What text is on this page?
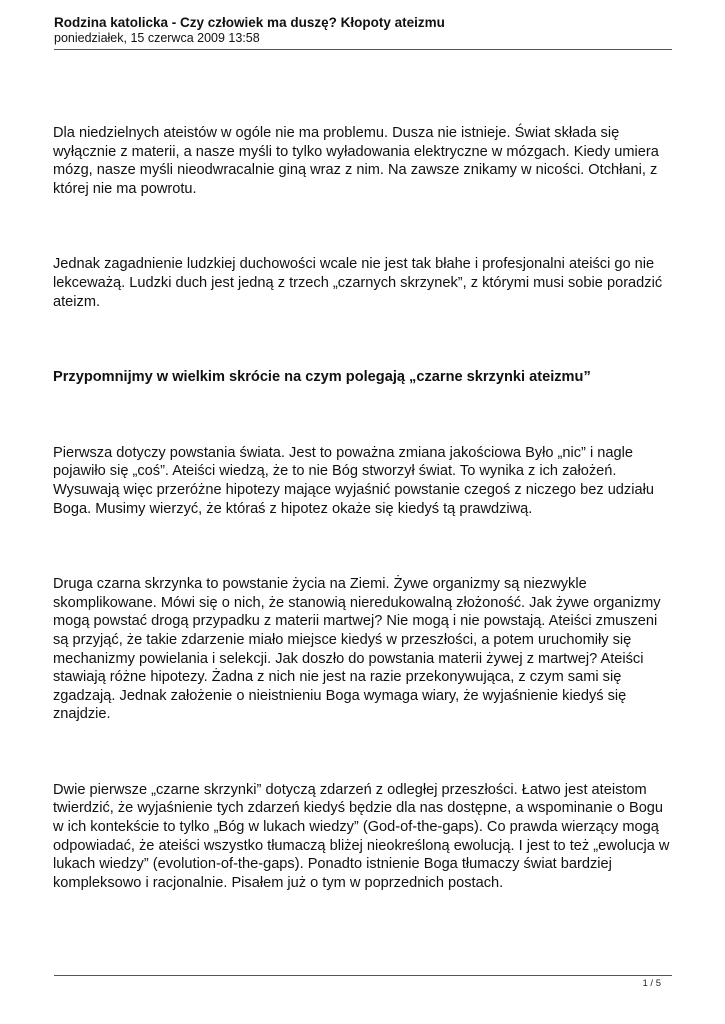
Rodzina katolicka - Czy człowiek ma duszę? Kłopoty ateizmu
poniedziałek, 15 czerwca 2009 13:58

Dla niedzielnych ateistów w ogóle nie ma problemu. Dusza nie istnieje. Świat składa się wyłącznie z materii, a nasze myśli to tylko wyładowania elektryczne w mózgach. Kiedy umiera mózg, nasze myśli nieodwracalnie giną wraz z nim. Na zawsze znikamy w nicości. Otchłani, z której nie ma powrotu.

Jednak zagadnienie ludzkiej duchowości wcale nie jest tak błahe i profesjonalni ateiści go nie lekceważą. Ludzki duch jest jedną z trzech „czarnych skrzynek”, z którymi musi sobie poradzić ateizm.

Przypomnijmy w wielkim skrócie na czym polegają „czarne skrzynki ateizmu”

Pierwsza dotyczy powstania świata. Jest to poważna zmiana jakościowa Było „nic” i nagle pojawiło się „coś”. Ateiści wiedzą, że to nie Bóg stworzył świat. To wynika z ich założeń. Wysuwają więc przeróżne hipotezy mające wyjaśnić powstanie czegoś z niczego bez udziału Boga. Musimy wierzyć, że któraś z hipotez okaże się kiedyś tą prawdziwą.

Druga czarna skrzynka to powstanie życia na Ziemi. Żywe organizmy są niezwykle skomplikowane. Mówi się o nich, że stanowią nieredukowalną złożoność. Jak żywe organizmy mogą powstać drogą przypadku z materii martwej? Nie mogą i nie powstają. Ateiści zmuszeni są przyjąć, że takie zdarzenie miało miejsce kiedyś w przeszłości, a potem uruchomiły się mechanizmy powielania i selekcji. Jak doszło do powstania materii żywej z martwej? Ateiści stawiają różne hipotezy. Żadna z nich nie jest na razie przekonywująca, z czym sami się zgadzają. Jednak założenie o nieistnieniu Boga wymaga wiary, że wyjaśnienie kiedyś się znajdzie.

Dwie pierwsze „czarne skrzynki” dotyczą zdarzeń z odległej przeszłości. Łatwo jest ateistom twierdzić, że wyjaśnienie tych zdarzeń kiedyś będzie dla nas dostępne, a wspominanie o Bogu w ich kontekście to tylko „Bóg w lukach wiedzy” (God-of-the-gaps). Co prawda wierzący mogą odpowiadać, że ateiści wszystko tłumaczą bliżej nieokreśloną ewolucją. I jest to też „ewolucja w lukach wiedzy” (evolution-of-the-gaps). Ponadto istnienie Boga tłumaczy świat bardziej kompleksowo i racjonalnie. Pisałem już o tym w poprzednich postach.

1 / 5
